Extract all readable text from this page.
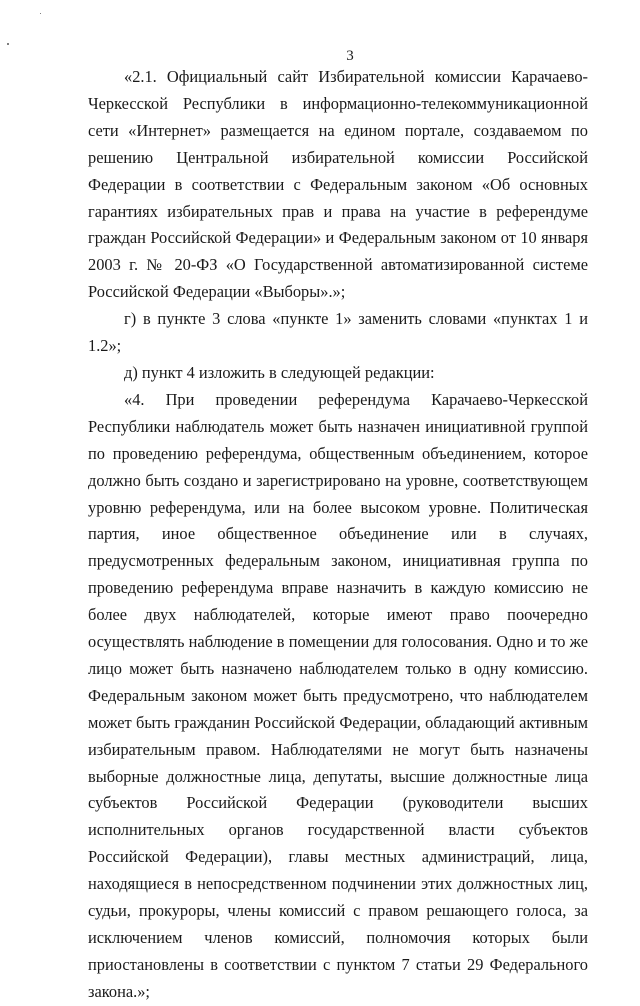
3

«2.1. Официальный сайт Избирательной комиссии Карачаево-Черкесской Республики в информационно-телекоммуникационной сети «Интернет» размещается на едином портале, создаваемом по решению Центральной избирательной комиссии Российской Федерации в соответствии с Федеральным законом «Об основных гарантиях избирательных прав и права на участие в референдуме граждан Российской Федерации» и Федеральным законом от 10 января 2003 г. № 20-ФЗ «О Государственной автоматизированной системе Российской Федерации «Выборы».»;

г) в пункте 3 слова «пункте 1» заменить словами «пунктах 1 и 1.2»;

д) пункт 4 изложить в следующей редакции:

«4. При проведении референдума Карачаево-Черкесской Республики наблюдатель может быть назначен инициативной группой по проведению референдума, общественным объединением, которое должно быть создано и зарегистрировано на уровне, соответствующем уровню референдума, или на более высоком уровне. Политическая партия, иное общественное объединение или в случаях, предусмотренных федеральным законом, инициативная группа по проведению референдума вправе назначить в каждую комиссию не более двух наблюдателей, которые имеют право поочередно осуществлять наблюдение в помещении для голосования. Одно и то же лицо может быть назначено наблюдателем только в одну комиссию. Федеральным законом может быть предусмотрено, что наблюдателем может быть гражданин Российской Федерации, обладающий активным избирательным правом. Наблюдателями не могут быть назначены выборные должностные лица, депутаты, высшие должностные лица субъектов Российской Федерации (руководители высших исполнительных органов государственной власти субъектов Российской Федерации), главы местных администраций, лица, находящиеся в непосредственном подчинении этих должностных лиц, судьи, прокуроры, члены комиссий с правом решающего голоса, за исключением членов комиссий, полномочия которых были приостановлены в соответствии с пунктом 7 статьи 29 Федерального закона.»;
